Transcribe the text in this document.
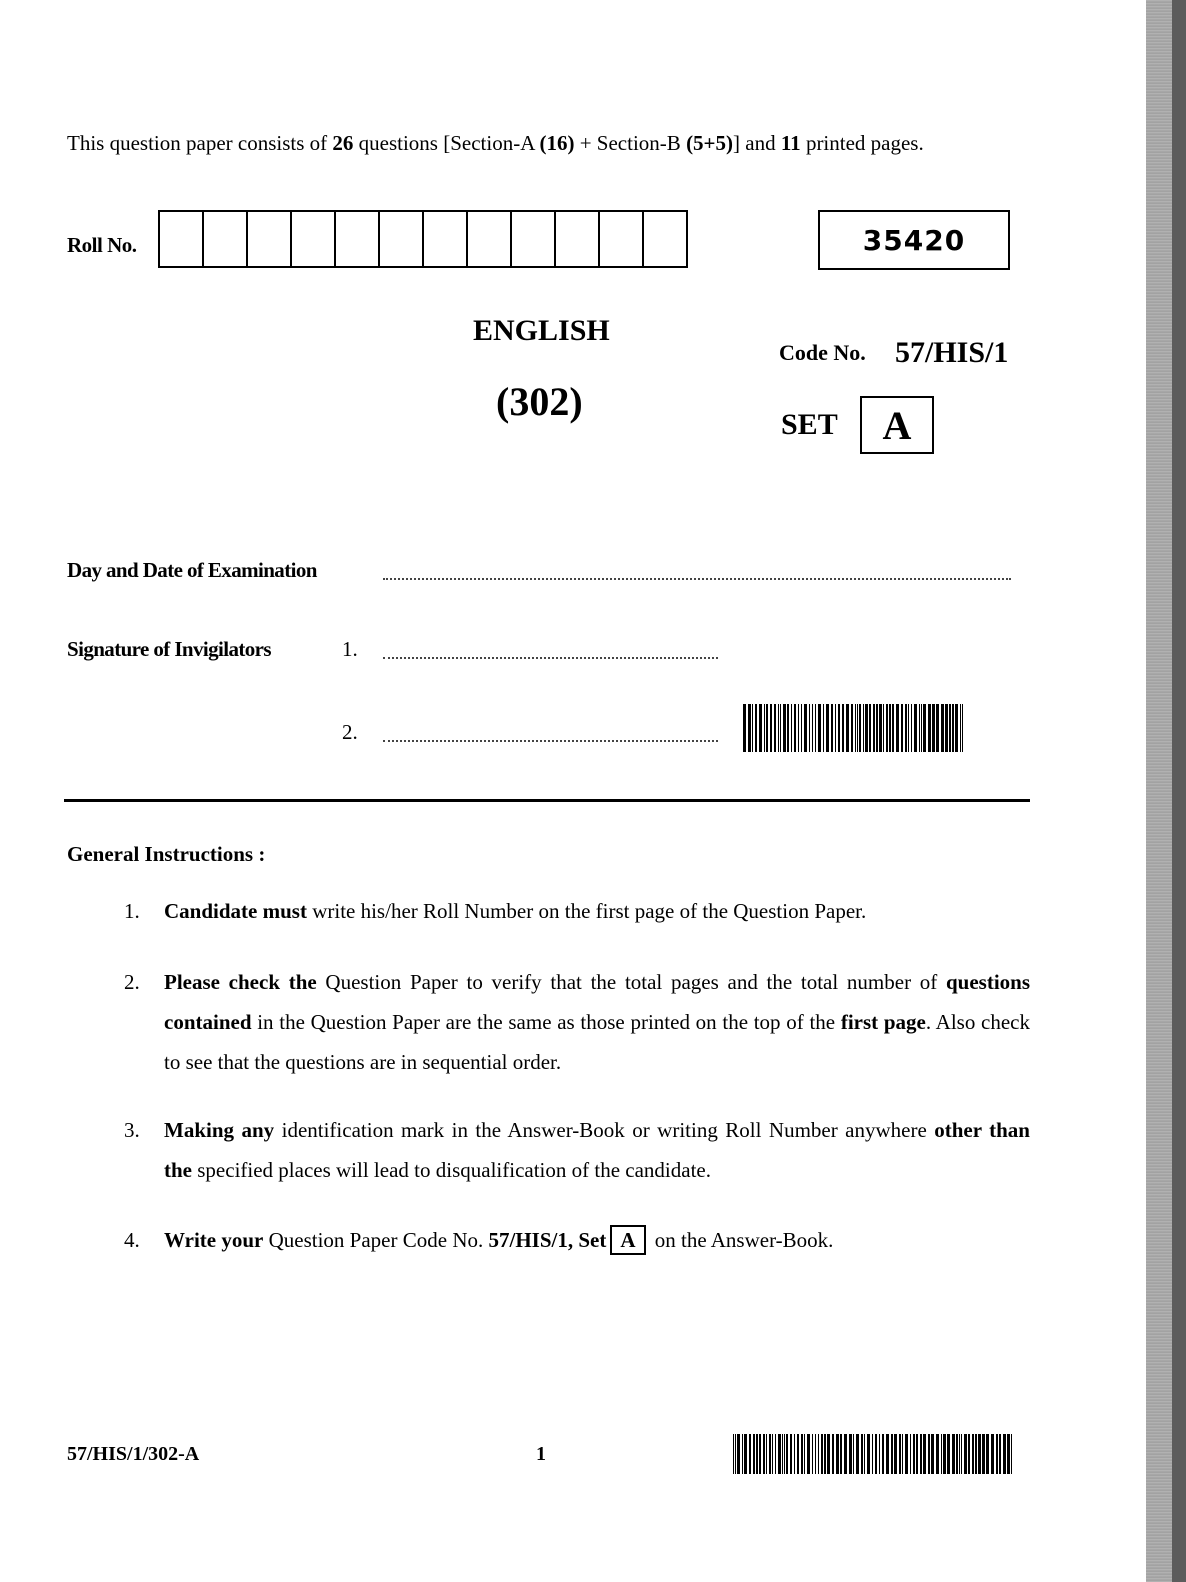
This question paper consists of 26 questions [Section-A (16) + Section-B (5+5)] and 11 printed pages.
Roll No.	35420
ENGLISH
(302)
Code No. 57/HIS/1
SET	A
Day and Date of Examination
Signature of Invigilators	1.
2.
General Instructions :
1. Candidate must write his/her Roll Number on the first page of the Question Paper.
2. Please check the Question Paper to verify that the total pages and the total number of questions contained in the Question Paper are the same as those printed on the top of the first page. Also check to see that the questions are in sequential order.
3. Making any identification mark in the Answer-Book or writing Roll Number anywhere other than the specified places will lead to disqualification of the candidate.
4. Write your Question Paper Code No. 57/HIS/1, Set A on the Answer-Book.
57/HIS/1/302-A	1
